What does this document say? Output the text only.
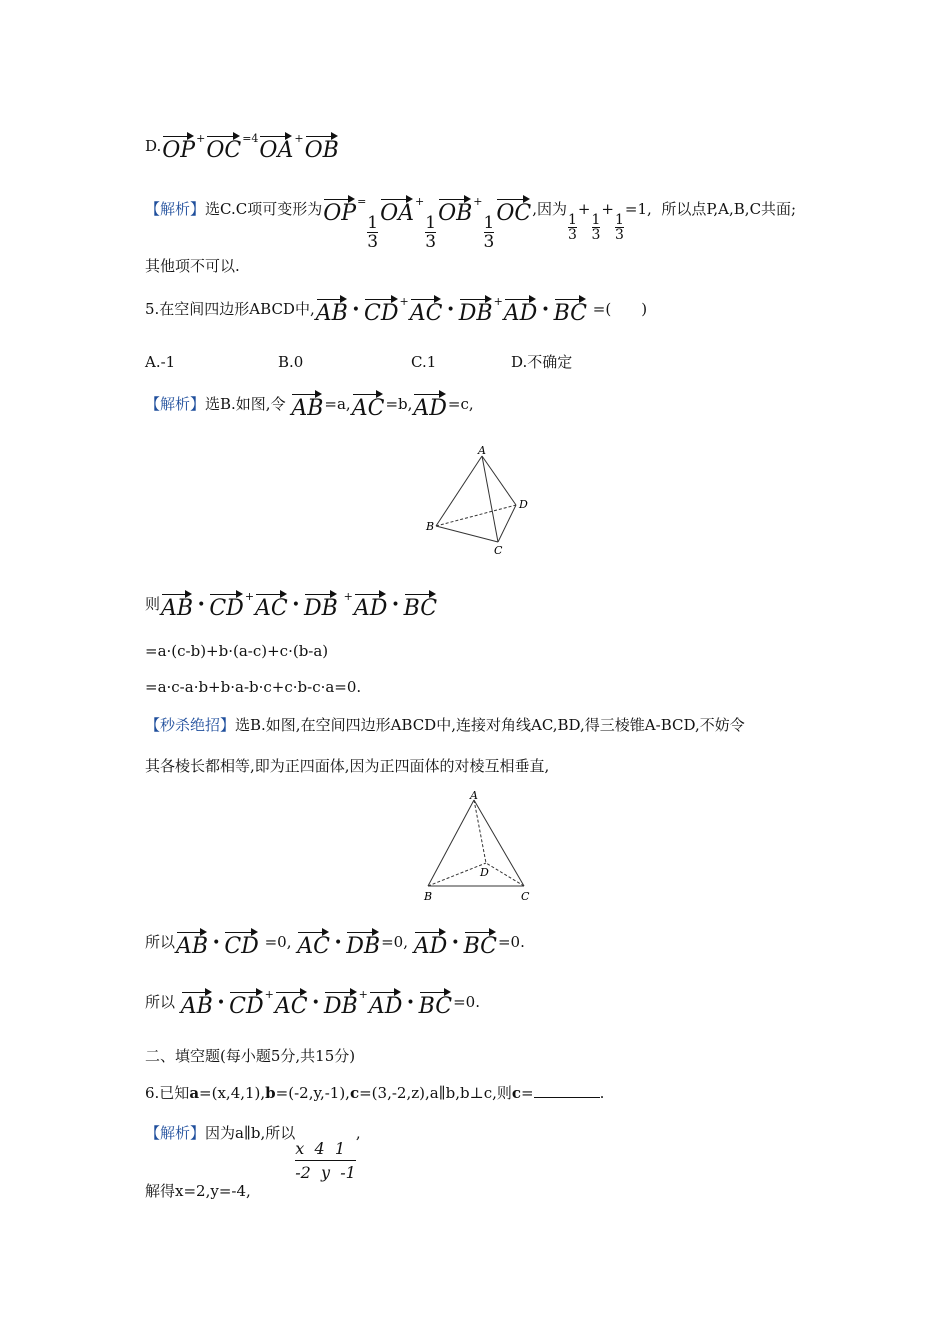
$D.OP^+OC^{=4}OA^+OB$
【解析】选C.C项可变形为OP=
$\frac{1}{3}$
OA+
$\frac{1}{3}$
OB+
$\frac{1}{3}$
OC,因为
$\frac{1}{3}$
+
$\frac{1}{3}$
+
$\frac{1}{3}$
=1, 所以点P,A,B,C共面;
其他项不可以.
5.在空间四边形ABCD中,AB • CD+AC • DB+AD • BC =(　　)
A.-1	B.0	C.1	D.不确定
【解析】选B.如图,令 AB=a,AC=b,AD=c,
A
B
C
D
则AB • CD+AC • DB +AD • BC
=a·(c-b)+b·(a-c)+c·(b-a)
=a·c-a·b+b·a-b·c+c·b-c·a=0.
【秒杀绝招】选B.如图,在空间四边形ABCD中,连接对角线AC,BD,得三棱锥A-BCD,不妨令
其各棱长都相等,即为正四面体,因为正四面体的对棱互相垂直,
A
B	C
D
所以AB • CD =0, AC • DB=0, AD • BC=0.
所以 AB • CD+AC • DB+AD • BC=0.
二、填空题(每小题5分,共15分)
6.已知a=(x,4,1),b=(-2,y,-1),c=(3,-2,z),a∥b,b⊥c,则c=	.
【解析】因为a∥b,所以
$\frac{x 4 1}{-2 y -1}$
,
解得x=2,y=-4,
